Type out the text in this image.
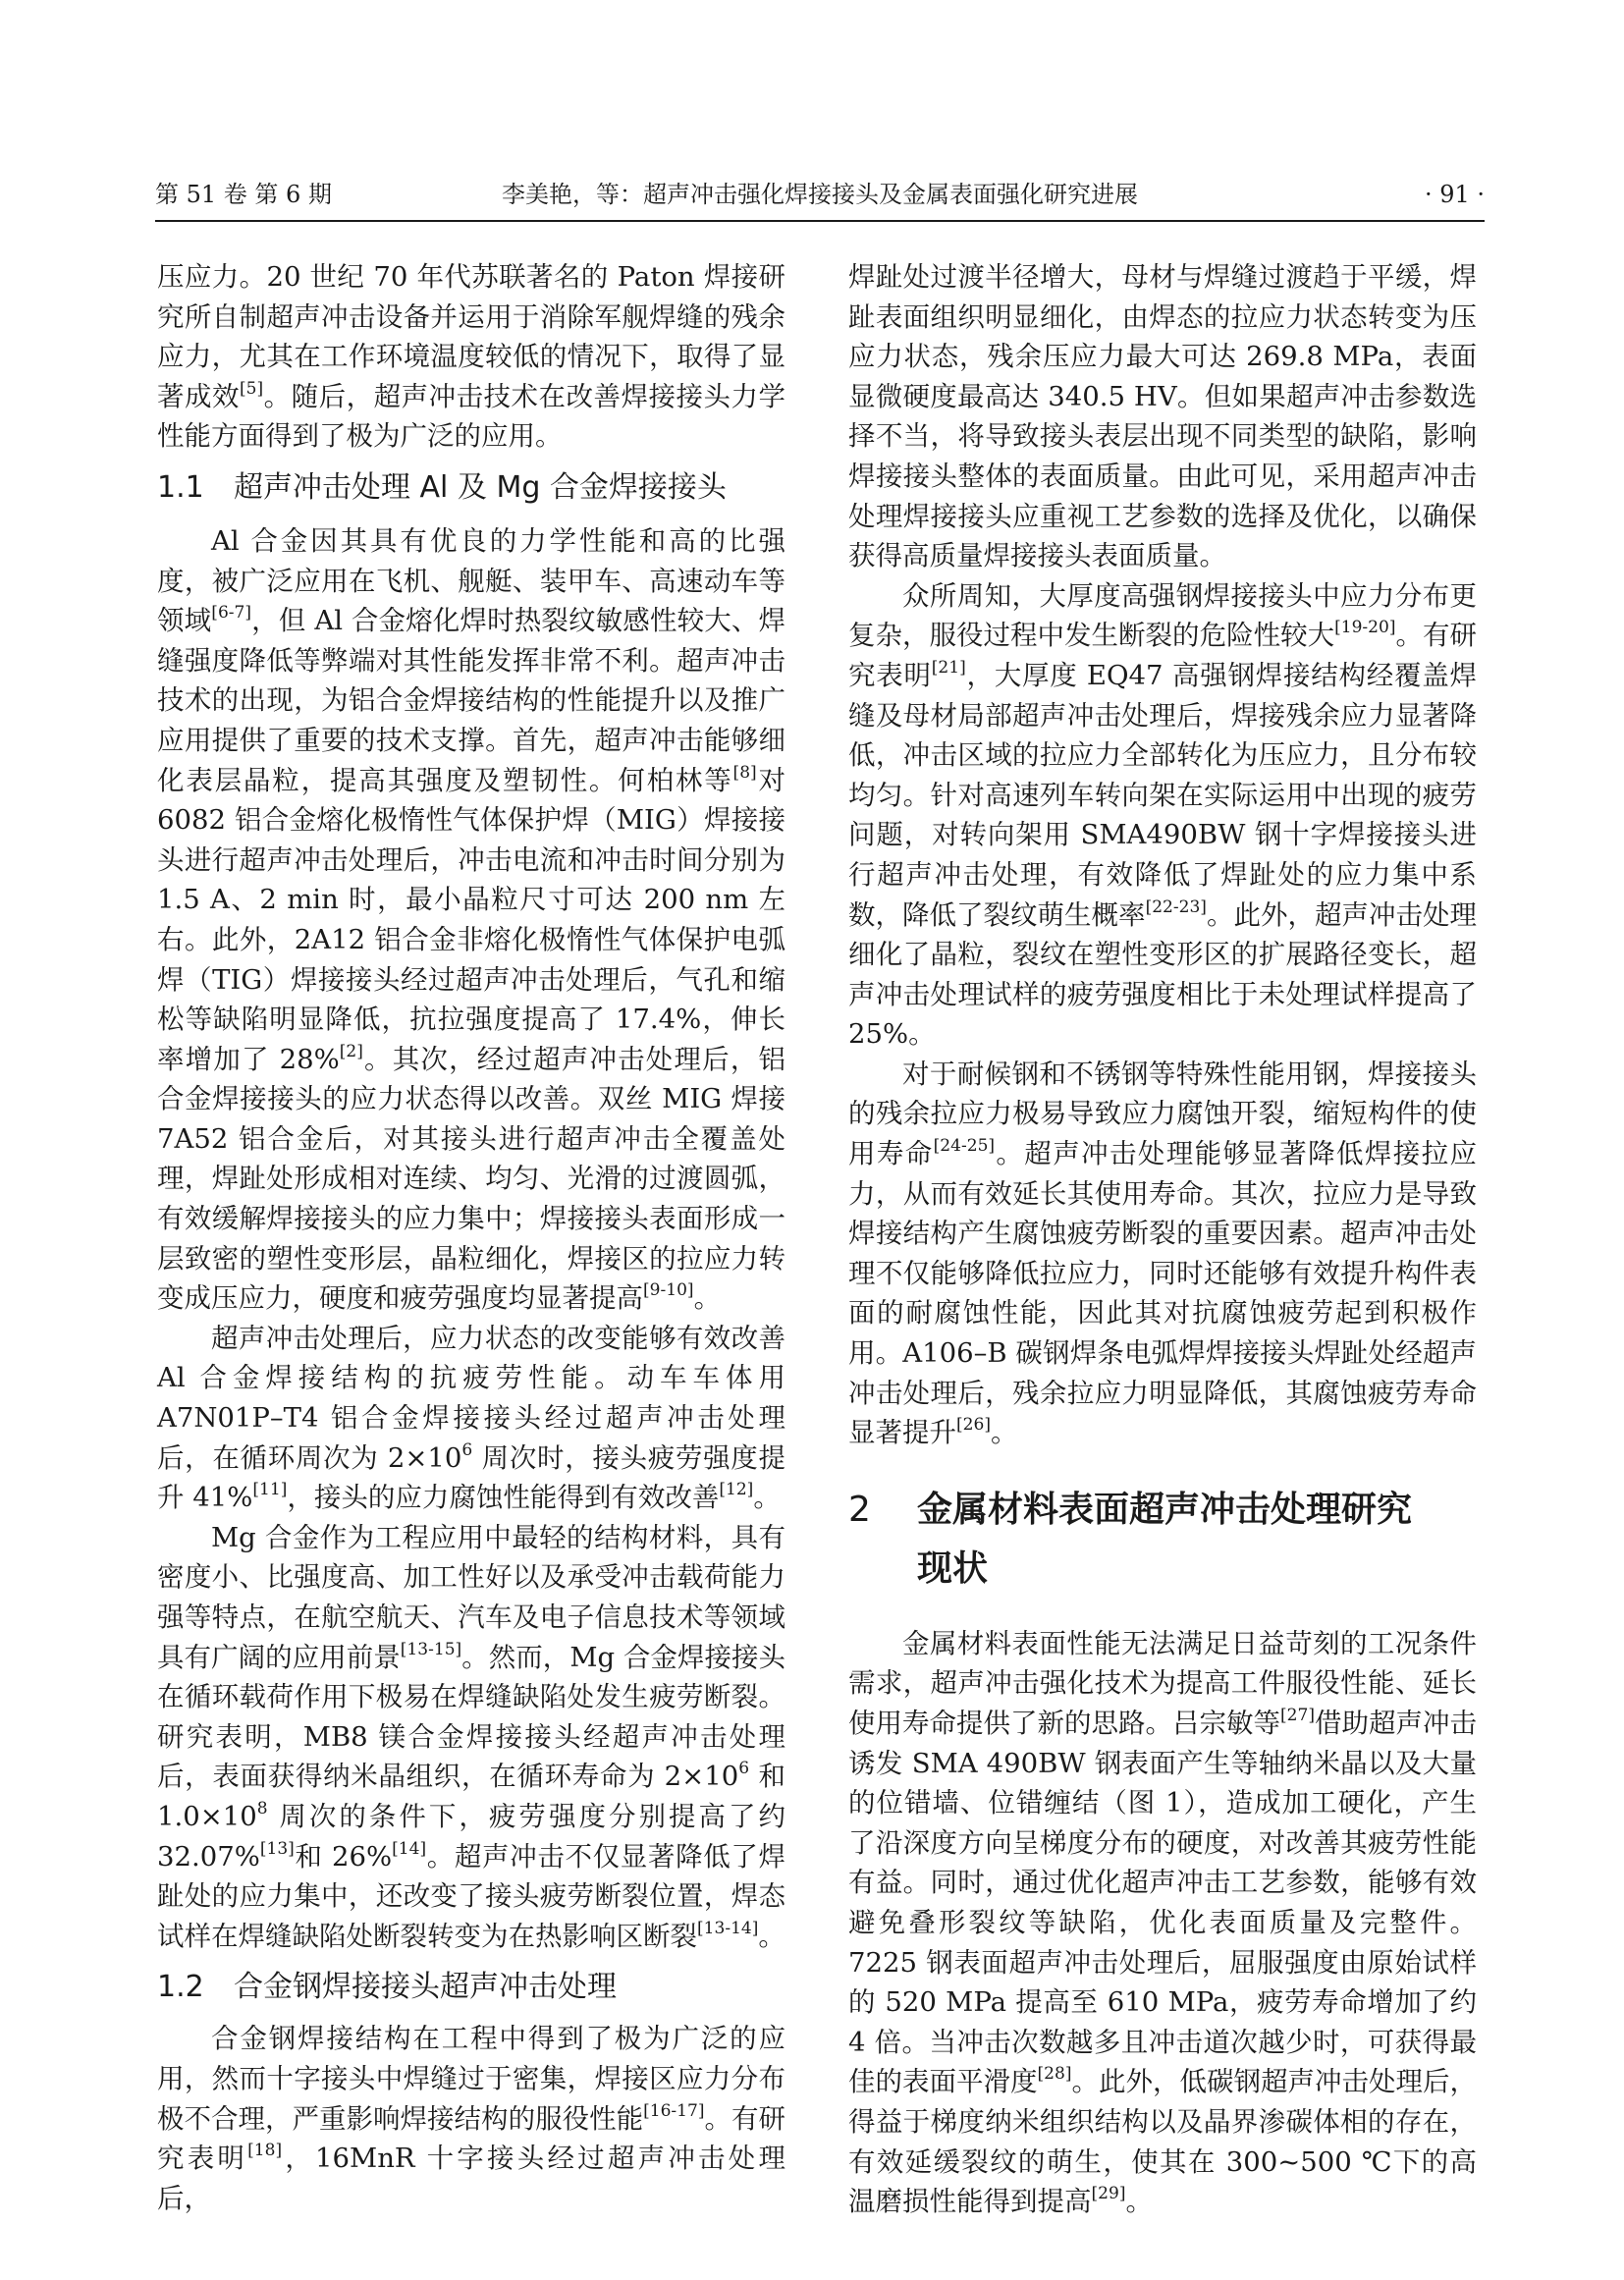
第 51 卷 第 6 期	李美艳，等：超声冲击强化焊接接头及金属表面强化研究进展	· 91 ·

压应力。20 世纪 70 年代苏联著名的 Paton 焊接研究所自制超声冲击设备并运用于消除军舰焊缝的残余应力，尤其在工作环境温度较低的情况下，取得了显著成效[5]。随后，超声冲击技术在改善焊接接头力学性能方面得到了极为广泛的应用。

1.1 超声冲击处理 Al 及 Mg 合金焊接接头

Al 合金因其具有优良的力学性能和高的比强度，被广泛应用在飞机、舰艇、装甲车、高速动车等领域[6-7]，但 Al 合金熔化焊时热裂纹敏感性较大、焊缝强度降低等弊端对其性能发挥非常不利。超声冲击技术的出现，为铝合金焊接结构的性能提升以及推广应用提供了重要的技术支撑。首先，超声冲击能够细化表层晶粒，提高其强度及塑韧性。何柏林等[8]对 6082 铝合金熔化极惰性气体保护焊（MIG）焊接接头进行超声冲击处理后，冲击电流和冲击时间分别为 1.5 A、2 min 时，最小晶粒尺寸可达 200 nm 左右。此外，2A12 铝合金非熔化极惰性气体保护电弧焊（TIG）焊接接头经过超声冲击处理后，气孔和缩松等缺陷明显降低，抗拉强度提高了 17.4%，伸长率增加了 28%[2]。其次，经过超声冲击处理后，铝合金焊接接头的应力状态得以改善。双丝 MIG 焊接 7A52 铝合金后，对其接头进行超声冲击全覆盖处理，焊趾处形成相对连续、均匀、光滑的过渡圆弧，有效缓解焊接接头的应力集中；焊接接头表面形成一层致密的塑性变形层，晶粒细化，焊接区的拉应力转变成压应力，硬度和疲劳强度均显著提高[9-10]。

超声冲击处理后，应力状态的改变能够有效改善 Al 合金焊接结构的抗疲劳性能。动车车体用 A7N01P–T4 铝合金焊接接头经过超声冲击处理后，在循环周次为 $2\times 10^6$ 周次时，接头疲劳强度提升 41%[11]，接头的应力腐蚀性能得到有效改善[12]。

Mg 合金作为工程应用中最轻的结构材料，具有密度小、比强度高、加工性好以及承受冲击载荷能力强等特点，在航空航天、汽车及电子信息技术等领域具有广阔的应用前景[13-15]。然而，Mg 合金焊接接头在循环载荷作用下极易在焊缝缺陷处发生疲劳断裂。研究表明，MB8 镁合金焊接接头经超声冲击处理后，表面获得纳米晶组织，在循环寿命为 $2\times 10^6$ 和 $1.0\times 10^8$ 周次的条件下，疲劳强度分别提高了约 32.07%[13]和 26%[14]。超声冲击不仅显著降低了焊趾处的应力集中，还改变了接头疲劳断裂位置，焊态试样在焊缝缺陷处断裂转变为在热影响区断裂[13-14]。

1.2 合金钢焊接接头超声冲击处理

合金钢焊接结构在工程中得到了极为广泛的应用，然而十字接头中焊缝过于密集，焊接区应力分布极不合理，严重影响焊接结构的服役性能[16-17]。有研究表明[18]，16MnR 十字接头经过超声冲击处理后，

焊趾处过渡半径增大，母材与焊缝过渡趋于平缓，焊趾表面组织明显细化，由焊态的拉应力状态转变为压应力状态，残余压应力最大可达 269.8 MPa，表面显微硬度最高达 340.5 HV。但如果超声冲击参数选择不当，将导致接头表层出现不同类型的缺陷，影响焊接接头整体的表面质量。由此可见，采用超声冲击处理焊接接头应重视工艺参数的选择及优化，以确保获得高质量焊接接头表面质量。

众所周知，大厚度高强钢焊接接头中应力分布更复杂，服役过程中发生断裂的危险性较大[19-20]。有研究表明[21]，大厚度 EQ47 高强钢焊接结构经覆盖焊缝及母材局部超声冲击处理后，焊接残余应力显著降低，冲击区域的拉应力全部转化为压应力，且分布较均匀。针对高速列车转向架在实际运用中出现的疲劳问题，对转向架用 SMA490BW 钢十字焊接接头进行超声冲击处理，有效降低了焊趾处的应力集中系数，降低了裂纹萌生概率[22-23]。此外，超声冲击处理细化了晶粒，裂纹在塑性变形区的扩展路径变长，超声冲击处理试样的疲劳强度相比于未处理试样提高了 25%。

对于耐候钢和不锈钢等特殊性能用钢，焊接接头的残余拉应力极易导致应力腐蚀开裂，缩短构件的使用寿命[24-25]。超声冲击处理能够显著降低焊接拉应力，从而有效延长其使用寿命。其次，拉应力是导致焊接结构产生腐蚀疲劳断裂的重要因素。超声冲击处理不仅能够降低拉应力，同时还能够有效提升构件表面的耐腐蚀性能，因此其对抗腐蚀疲劳起到积极作用。A106–B 碳钢焊条电弧焊焊接接头焊趾处经超声冲击处理后，残余拉应力明显降低，其腐蚀疲劳寿命显著提升[26]。

2 金属材料表面超声冲击处理研究
现状

金属材料表面性能无法满足日益苛刻的工况条件需求，超声冲击强化技术为提高工件服役性能、延长使用寿命提供了新的思路。吕宗敏等[27]借助超声冲击诱发 SMA 490BW 钢表面产生等轴纳米晶以及大量的位错墙、位错缠结（图 1），造成加工硬化，产生了沿深度方向呈梯度分布的硬度，对改善其疲劳性能有益。同时，通过优化超声冲击工艺参数，能够有效避免叠形裂纹等缺陷，优化表面质量及完整件。7225 钢表面超声冲击处理后，屈服强度由原始试样的 520 MPa 提高至 610 MPa，疲劳寿命增加了约 4 倍。当冲击次数越多且冲击道次越少时，可获得最佳的表面平滑度[28]。此外，低碳钢超声冲击处理后，得益于梯度纳米组织结构以及晶界渗碳体相的存在，有效延缓裂纹的萌生，使其在 300~500 ℃下的高温磨损性能得到提高[29]。
